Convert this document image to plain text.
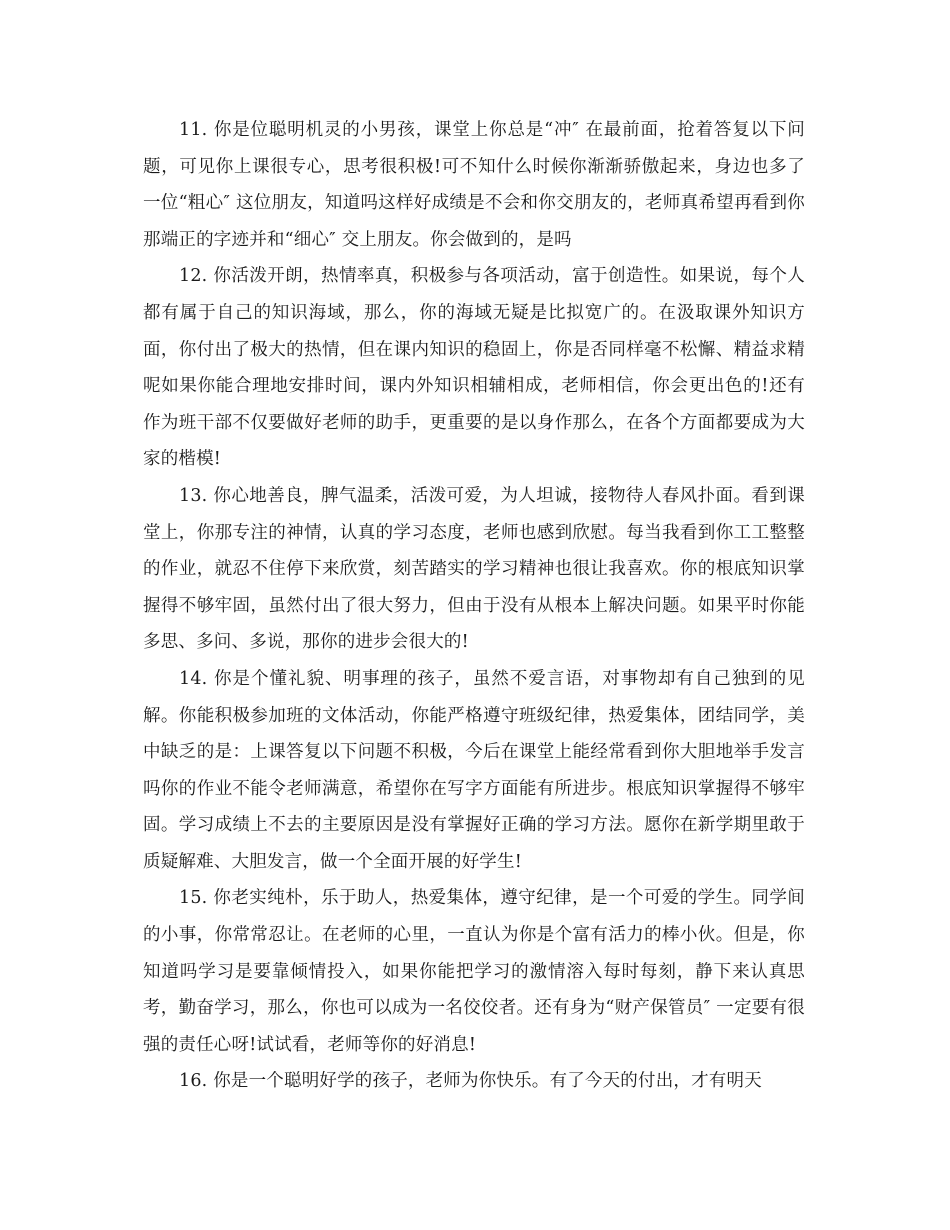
11. 你是位聪明机灵的小男孩，课堂上你总是“冲″ 在最前面，抢着答复以下问题，可见你上课很专心，思考很积极!可不知什么时候你渐渐骄傲起来，身边也多了一位“粗心″ 这位朋友，知道吗这样好成绩是不会和你交朋友的，老师真希望再看到你那端正的字迹并和“细心″ 交上朋友。你会做到的，是吗

12. 你活泼开朗，热情率真，积极参与各项活动，富于创造性。如果说，每个人都有属于自己的知识海域，那么，你的海域无疑是比拟宽广的。在汲取课外知识方面，你付出了极大的热情，但在课内知识的稳固上，你是否同样毫不松懈、精益求精呢如果你能合理地安排时间，课内外知识相辅相成，老师相信，你会更出色的!还有作为班干部不仅要做好老师的助手，更重要的是以身作那么，在各个方面都要成为大家的楷模!

13. 你心地善良，脾气温柔，活泼可爱，为人坦诚，接物待人春风扑面。看到课堂上，你那专注的神情，认真的学习态度，老师也感到欣慰。每当我看到你工工整整的作业，就忍不住停下来欣赏，刻苦踏实的学习精神也很让我喜欢。你的根底知识掌握得不够牢固，虽然付出了很大努力，但由于没有从根本上解决问题。如果平时你能多思、多问、多说，那你的进步会很大的!

14. 你是个懂礼貌、明事理的孩子，虽然不爱言语，对事物却有自己独到的见解。你能积极参加班的文体活动，你能严格遵守班级纪律，热爱集体，团结同学，美中缺乏的是：上课答复以下问题不积极，今后在课堂上能经常看到你大胆地举手发言吗你的作业不能令老师满意，希望你在写字方面能有所进步。根底知识掌握得不够牢固。学习成绩上不去的主要原因是没有掌握好正确的学习方法。愿你在新学期里敢于质疑解难、大胆发言，做一个全面开展的好学生!

15. 你老实纯朴，乐于助人，热爱集体，遵守纪律，是一个可爱的学生。同学间的小事，你常常忍让。在老师的心里，一直认为你是个富有活力的棒小伙。但是，你知道吗学习是要靠倾情投入，如果你能把学习的激情溶入每时每刻，静下来认真思考，勤奋学习，那么，你也可以成为一名佼佼者。还有身为“财产保管员″ 一定要有很强的责任心呀!试试看，老师等你的好消息!

16. 你是一个聪明好学的孩子，老师为你快乐。有了今天的付出，才有明天
